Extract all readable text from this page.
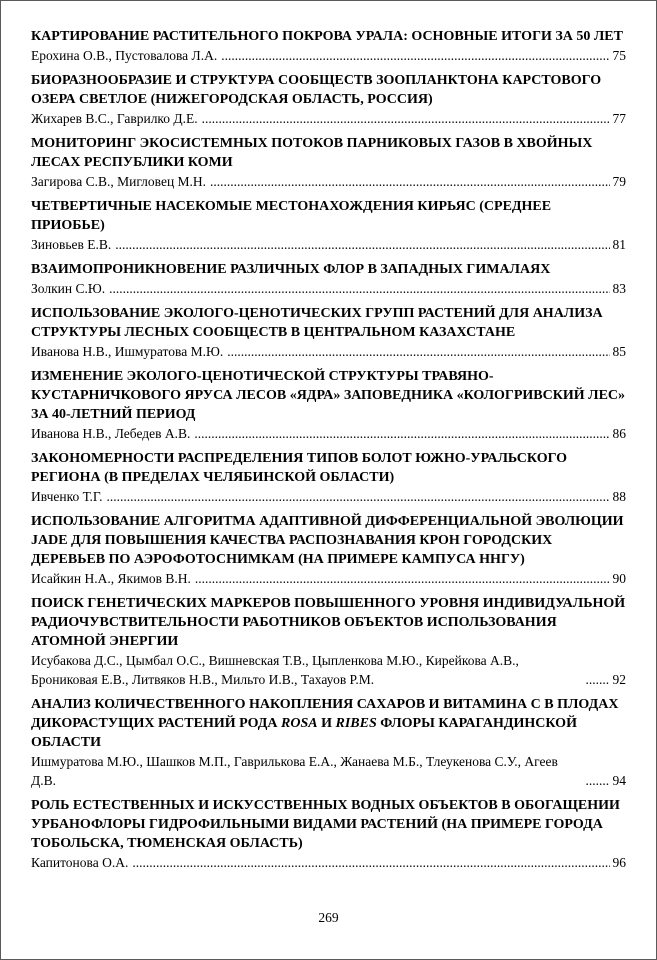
КАРТИРОВАНИЕ РАСТИТЕЛЬНОГО ПОКРОВА УРАЛА: ОСНОВНЫЕ ИТОГИ ЗА 50 ЛЕТ
Ерохина О.В., Пустовалова Л.А. .....	75
БИОРАЗНООБРАЗИЕ И СТРУКТУРА СООБЩЕСТВ ЗООПЛАНКТОНА КАРСТОВОГО ОЗЕРА СВЕТЛОЕ (НИЖЕГОРОДСКАЯ ОБЛАСТЬ, РОССИЯ)
Жихарев В.С., Гаврилко Д.Е. .....	77
МОНИТОРИНГ ЭКОСИСТЕМНЫХ ПОТОКОВ ПАРНИКОВЫХ ГАЗОВ В ХВОЙНЫХ ЛЕСАХ РЕСПУБЛИКИ КОМИ
Загирова С.В., Мигловец М.Н. .....	79
ЧЕТВЕРТИЧНЫЕ НАСЕКОМЫЕ МЕСТОНАХОЖДЕНИЯ КИРЬЯС (СРЕДНЕЕ ПРИОБЬЕ)
Зиновьев Е.В. .....	81
ВЗАИМОПРОНИКНОВЕНИЕ РАЗЛИЧНЫХ ФЛОР В ЗАПАДНЫХ ГИМАЛАЯХ
Золкин С.Ю. .....	83
ИСПОЛЬЗОВАНИЕ ЭКОЛОГО-ЦЕНОТИЧЕСКИХ ГРУПП РАСТЕНИЙ ДЛЯ АНАЛИЗА СТРУКТУРЫ ЛЕСНЫХ СООБЩЕСТВ В ЦЕНТРАЛЬНОМ КАЗАХСТАНЕ
Иванова Н.В., Ишмуратова М.Ю. .....	85
ИЗМЕНЕНИЕ ЭКОЛОГО-ЦЕНОТИЧЕСКОЙ СТРУКТУРЫ ТРАВЯНО-КУСТАРНИЧКОВОГО ЯРУСА ЛЕСОВ «ЯДРА» ЗАПОВЕДНИКА «КОЛОГРИВСКИЙ ЛЕС» ЗА 40-ЛЕТНИЙ ПЕРИОД
Иванова Н.В., Лебедев А.В. .....	86
ЗАКОНОМЕРНОСТИ РАСПРЕДЕЛЕНИЯ ТИПОВ БОЛОТ ЮЖНО-УРАЛЬСКОГО РЕГИОНА (В ПРЕДЕЛАХ ЧЕЛЯБИНСКОЙ ОБЛАСТИ)
Ивченко Т.Г. .....	88
ИСПОЛЬЗОВАНИЕ АЛГОРИТМА АДАПТИВНОЙ ДИФФЕРЕНЦИАЛЬНОЙ ЭВОЛЮЦИИ JADE ДЛЯ ПОВЫШЕНИЯ КАЧЕСТВА РАСПОЗНАВАНИЯ КРОН ГОРОДСКИХ ДЕРЕВЬЕВ ПО АЭРОФОТОСНИМКАМ (НА ПРИМЕРЕ КАМПУСА ННГУ)
Исайкин Н.А., Якимов В.Н. .....	90
ПОИСК ГЕНЕТИЧЕСКИХ МАРКЕРОВ ПОВЫШЕННОГО УРОВНЯ ИНДИВИДУАЛЬНОЙ РАДИОЧУВСТВИТЕЛЬНОСТИ РАБОТНИКОВ ОБЪЕКТОВ ИСПОЛЬЗОВАНИЯ АТОМНОЙ ЭНЕРГИИ
Исубакова Д.С., Цымбал О.С., Вишневская Т.В., Цыпленкова М.Ю., Кирейкова А.В., Брониковая Е.В., Литвяков Н.В., Мильто И.В., Тахауов Р.М. .....	92
АНАЛИЗ КОЛИЧЕСТВЕННОГО НАКОПЛЕНИЯ САХАРОВ И ВИТАМИНА С В ПЛОДАХ ДИКОРАСТУЩИХ РАСТЕНИЙ РОДА ROSA И RIBES ФЛОРЫ КАРАГАНДИНСКОЙ ОБЛАСТИ
Ишмуратова М.Ю., Шашков М.П., Гаврилькова Е.А., Жанаева М.Б., Тлеукенова С.У., Агеев Д.В. .....	94
РОЛЬ ЕСТЕСТВЕННЫХ И ИСКУССТВЕННЫХ ВОДНЫХ ОБЪЕКТОВ В ОБОГАЩЕНИИ УРБАНОФЛОРЫ ГИДРОФИЛЬНЫМИ ВИДАМИ РАСТЕНИЙ (НА ПРИМЕРЕ ГОРОДА ТОБОЛЬСКА, ТЮМЕНСКАЯ ОБЛАСТЬ)
Капитонова О.А. .....	96
269
